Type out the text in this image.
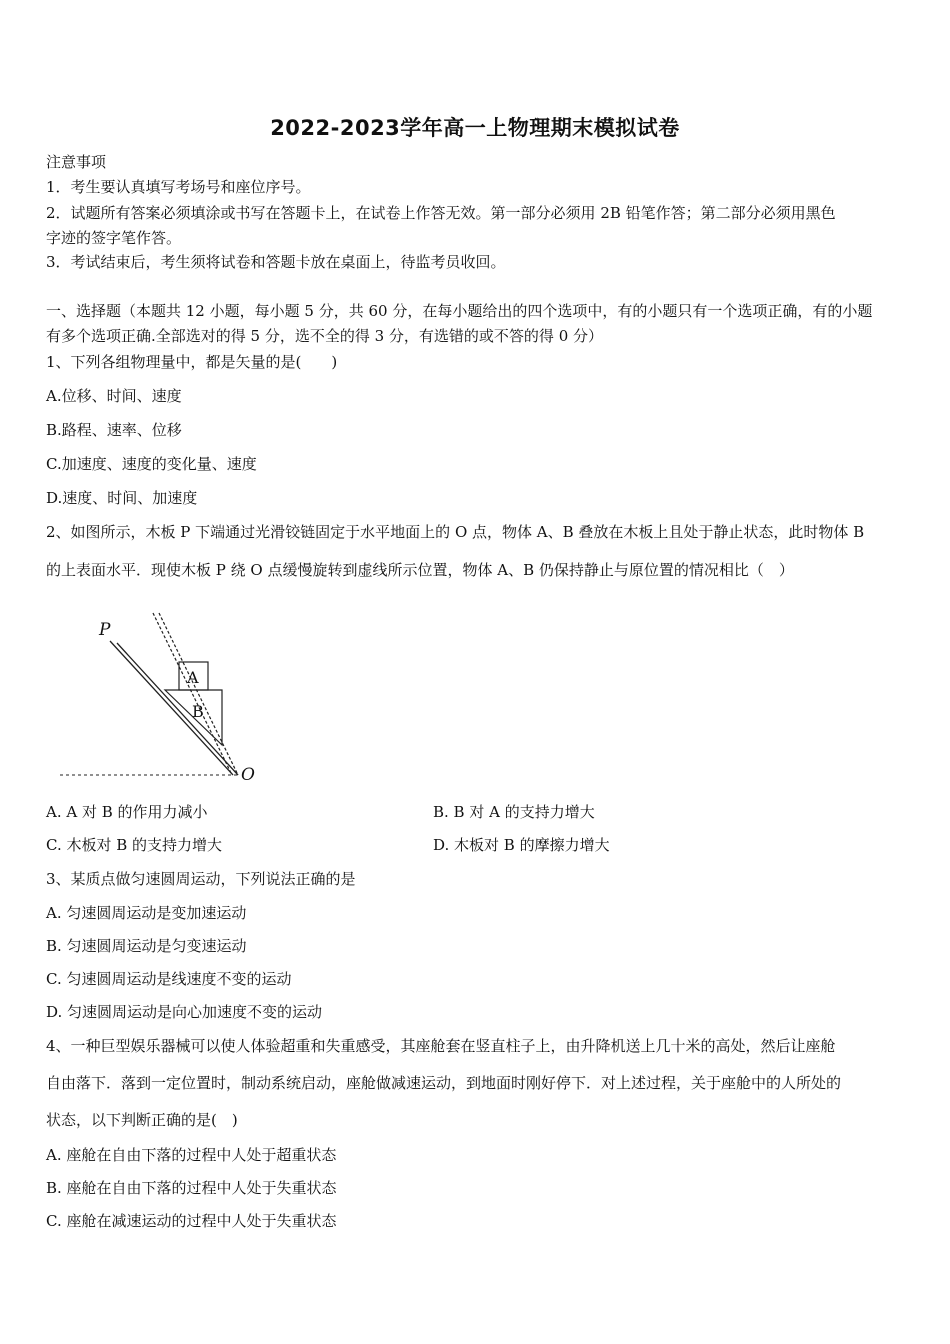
2022-2023学年高一上物理期末模拟试卷
注意事项
1．考生要认真填写考场号和座位序号。
2．试题所有答案必须填涂或书写在答题卡上，在试卷上作答无效。第一部分必须用 2B 铅笔作答；第二部分必须用黑色
字迹的签字笔作答。
3．考试结束后，考生须将试卷和答题卡放在桌面上，待监考员收回。
一、选择题（本题共 12 小题，每小题 5 分，共 60 分，在每小题给出的四个选项中，有的小题只有一个选项正确，有的小题
有多个选项正确.全部选对的得 5 分，选不全的得 3 分，有选错的或不答的得 0 分）
1、下列各组物理量中，都是矢量的是(　　)
A.位移、时间、速度
B.路程、速率、位移
C.加速度、速度的变化量、速度
D.速度、时间、加速度
2、如图所示，木板 P 下端通过光滑铰链固定于水平地面上的 O 点，物体 A、B 叠放在木板上且处于静止状态，此时物体 B
的上表面水平．现使木板 P 绕 O 点缓慢旋转到虚线所示位置，物体 A、B 仍保持静止与原位置的情况相比（　）
P
A
B
O
A. A 对 B 的作用力减小	B. B 对 A 的支持力增大
C. 木板对 B 的支持力增大	D. 木板对 B 的摩擦力增大
3、某质点做匀速圆周运动，下列说法正确的是
A. 匀速圆周运动是变加速运动
B. 匀速圆周运动是匀变速运动
C. 匀速圆周运动是线速度不变的运动
D. 匀速圆周运动是向心加速度不变的运动
4、一种巨型娱乐器械可以使人体验超重和失重感受，其座舱套在竖直柱子上，由升降机送上几十米的高处，然后让座舱
自由落下．落到一定位置时，制动系统启动，座舱做减速运动，到地面时刚好停下．对上述过程，关于座舱中的人所处的
状态，以下判断正确的是(　)
A. 座舱在自由下落的过程中人处于超重状态
B. 座舱在自由下落的过程中人处于失重状态
C. 座舱在减速运动的过程中人处于失重状态
